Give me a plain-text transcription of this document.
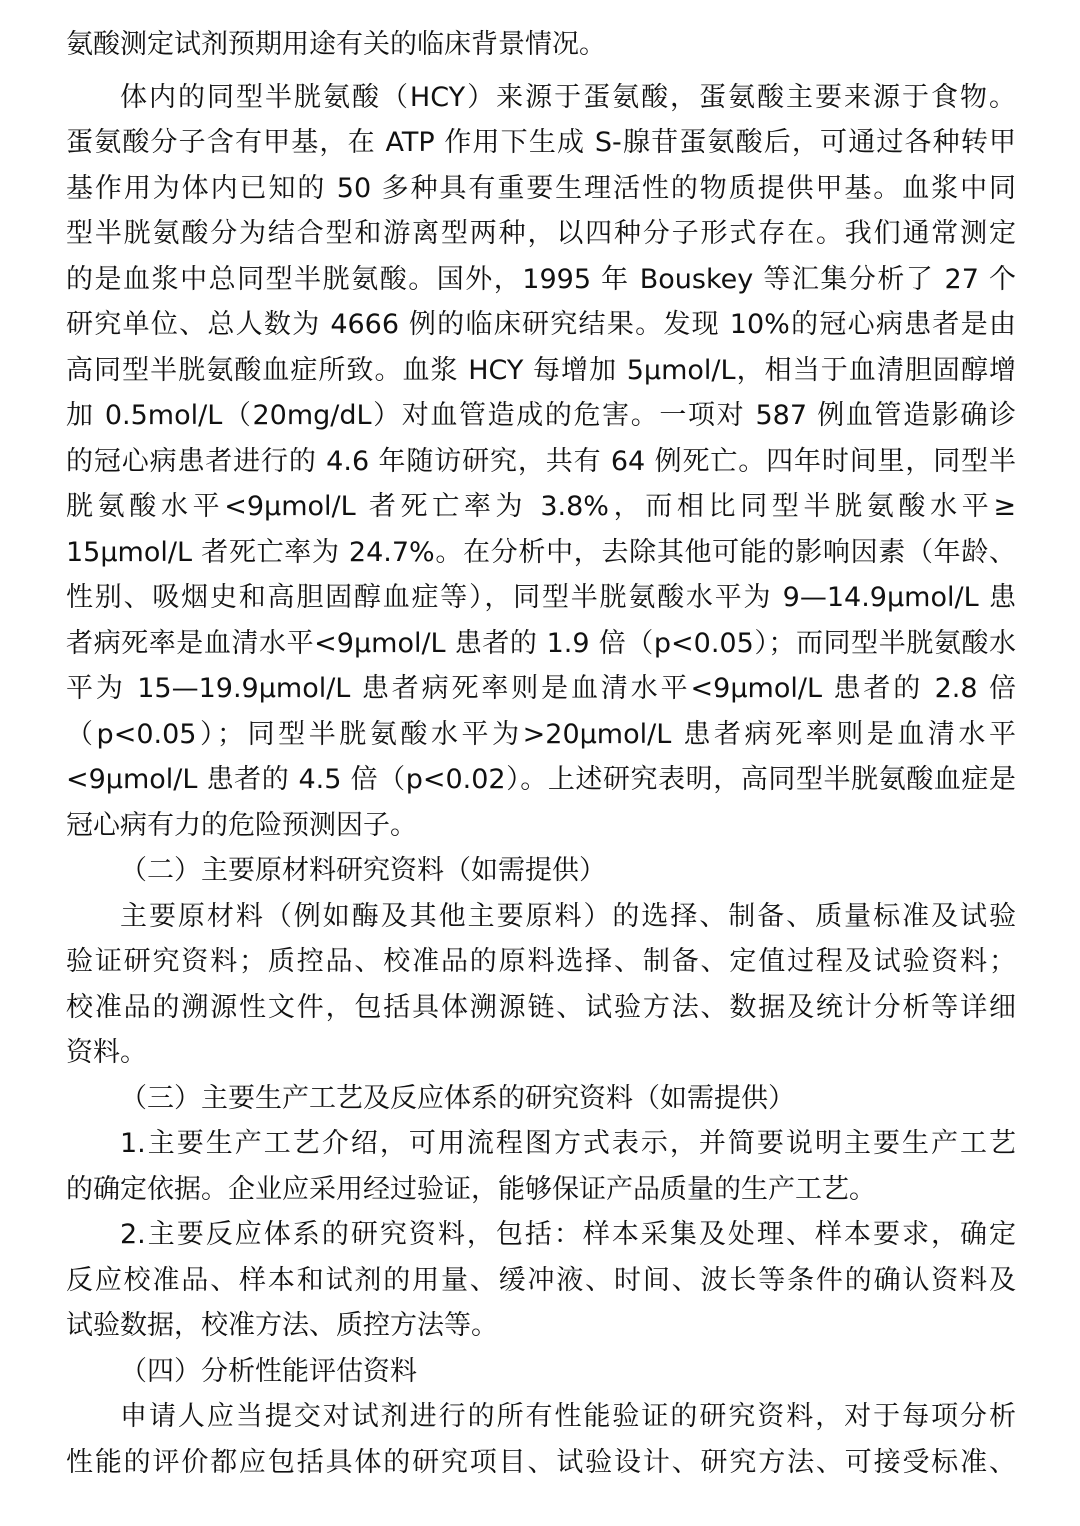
氨酸测定试剂预期用途有关的临床背景情况。
体内的同型半胱氨酸（HCY）来源于蛋氨酸，蛋氨酸主要来源于食物。
蛋氨酸分子含有甲基，在 ATP 作用下生成 S-腺苷蛋氨酸后，可通过各种转甲
基作用为体内已知的 50 多种具有重要生理活性的物质提供甲基。血浆中同
型半胱氨酸分为结合型和游离型两种，以四种分子形式存在。我们通常测定
的是血浆中总同型半胱氨酸。国外，1995 年 Bouskey 等汇集分析了 27 个
研究单位、总人数为 4666 例的临床研究结果。发现 10%的冠心病患者是由
高同型半胱氨酸血症所致。血浆 HCY 每增加 5μmol/L，相当于血清胆固醇增
加 0.5mol/L（20mg/dL）对血管造成的危害。一项对 587 例血管造影确诊
的冠心病患者进行的 4.6 年随访研究，共有 64 例死亡。四年时间里，同型半
胱氨酸水平<9μmol/L 者死亡率为 3.8%，而相比同型半胱氨酸水平≥
15μmol/L 者死亡率为 24.7%。在分析中，去除其他可能的影响因素（年龄、
性别、吸烟史和高胆固醇血症等），同型半胱氨酸水平为 9—14.9μmol/L 患
者病死率是血清水平<9μmol/L 患者的 1.9 倍（p<0.05）；而同型半胱氨酸水
平为 15—19.9μmol/L 患者病死率则是血清水平<9μmol/L 患者的 2.8 倍
（p<0.05）；同型半胱氨酸水平为>20μmol/L 患者病死率则是血清水平
<9μmol/L 患者的 4.5 倍（p<0.02）。上述研究表明，高同型半胱氨酸血症是
冠心病有力的危险预测因子。
（二）主要原材料研究资料（如需提供）
主要原材料（例如酶及其他主要原料）的选择、制备、质量标准及试验
验证研究资料；质控品、校准品的原料选择、制备、定值过程及试验资料；
校准品的溯源性文件，包括具体溯源链、试验方法、数据及统计分析等详细
资料。
（三）主要生产工艺及反应体系的研究资料（如需提供）
1.主要生产工艺介绍，可用流程图方式表示，并简要说明主要生产工艺
的确定依据。企业应采用经过验证，能够保证产品质量的生产工艺。
2.主要反应体系的研究资料，包括：样本采集及处理、样本要求，确定
反应校准品、样本和试剂的用量、缓冲液、时间、波长等条件的确认资料及
试验数据，校准方法、质控方法等。
（四）分析性能评估资料
申请人应当提交对试剂进行的所有性能验证的研究资料，对于每项分析
性能的评价都应包括具体的研究项目、试验设计、研究方法、可接受标准、
